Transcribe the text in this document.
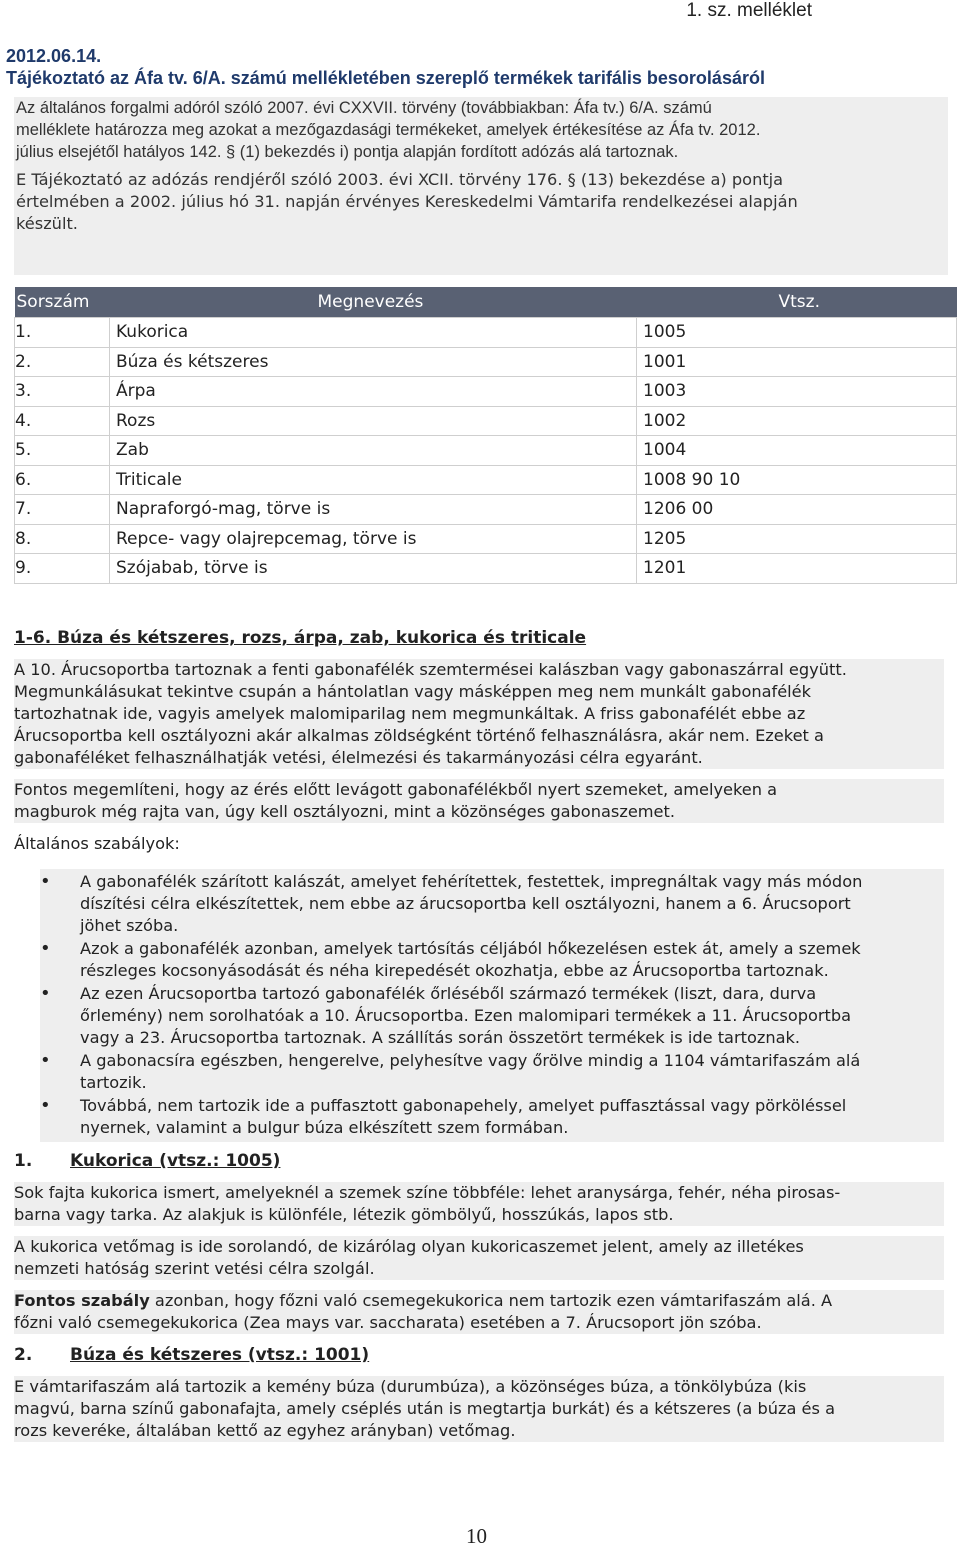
1. sz. melléklet
2012.06.14.
Tájékoztató az Áfa tv. 6/A. számú mellékletében szereplő termékek tarifális besorolásáról

Az általános forgalmi adóról szóló 2007. évi CXXVII. törvény (továbbiakban: Áfa tv.) 6/A. számú
melléklete határozza meg azokat a mezőgazdasági termékeket, amelyek értékesítése az Áfa tv. 2012.
július elsejétől hatályos 142. § (1) bekezdés i) pontja alapján fordított adózás alá tartoznak.

E Tájékoztató az adózás rendjéről szóló 2003. évi XCII. törvény 176. § (13) bekezdése a) pontja
értelmében a 2002. július hó 31. napján érvényes Kereskedelmi Vámtarifa rendelkezései alapján
készült.

Sorszám	Megnevezés	Vtsz.
1.	Kukorica	1005
2.	Búza és kétszeres	1001
3.	Árpa	1003
4.	Rozs	1002
5.	Zab	1004
6.	Triticale	1008 90 10
7.	Napraforgó-mag, törve is	1206 00
8.	Repce- vagy olajrepcemag, törve is	1205
9.	Szójabab, törve is	1201

1-6. Búza és kétszeres, rozs, árpa, zab, kukorica és triticale

A 10. Árucsoportba tartoznak a fenti gabonafélék szemtermései kalászban vagy gabonaszárral együtt.
Megmunkálásukat tekintve csupán a hántolatlan vagy másképpen meg nem munkált gabonafélék
tartozhatnak ide, vagyis amelyek malomiparilag nem megmunkáltak. A friss gabonafélét ebbe az
Árucsoportba kell osztályozni akár alkalmas zöldségként történő felhasználásra, akár nem. Ezeket a
gabonaféléket felhasználhatják vetési, élelmezési és takarmányozási célra egyaránt.
Fontos megemlíteni, hogy az érés előtt levágott gabonafélékből nyert szemeket, amelyeken a
magburok még rajta van, úgy kell osztályozni, mint a közönséges gabonaszemet.

Általános szabályok:

• A gabonafélék szárított kalászát, amelyet fehérítettek, festettek, impregnáltak vagy más módon
díszítési célra elkészítettek, nem ebbe az árucsoportba kell osztályozni, hanem a 6. Árucsoport
jöhet szóba.
• Azok a gabonafélék azonban, amelyek tartósítás céljából hőkezelésen estek át, amely a szemek
részleges kocsonyásodását és néha kirepedését okozhatja, ebbe az Árucsoportba tartoznak.
• Az ezen Árucsoportba tartozó gabonafélék őrléséből származó termékek (liszt, dara, durva
őrlemény) nem sorolhatóak a 10. Árucsoportba. Ezen malomipari termékek a 11. Árucsoportba
vagy a 23. Árucsoportba tartoznak. A szállítás során összetört termékek is ide tartoznak.
• A gabonacsíra egészben, hengerelve, pelyhesítve vagy őrölve mindig a 1104 vámtarifaszám alá
tartozik.
• Továbbá, nem tartozik ide a puffasztott gabonapehely, amelyet puffasztással vagy pörköléssel
nyernek, valamint a bulgur búza elkészített szem formában.

1. Kukorica (vtsz.: 1005)

Sok fajta kukorica ismert, amelyeknél a szemek színe többféle: lehet aranysárga, fehér, néha pirosas-
barna vagy tarka. Az alakjuk is különféle, létezik gömbölyű, hosszúkás, lapos stb.
A kukorica vetőmag is ide sorolandó, de kizárólag olyan kukoricaszemet jelent, amely az illetékes
nemzeti hatóság szerint vetési célra szolgál.
Fontos szabály azonban, hogy főzni való csemegekukorica nem tartozik ezen vámtarifaszám alá. A
főzni való csemegekukorica (Zea mays var. saccharata) esetében a 7. Árucsoport jön szóba.

2. Búza és kétszeres (vtsz.: 1001)

E vámtarifaszám alá tartozik a kemény búza (durumbúza), a közönséges búza, a tönkölybúza (kis
magvú, barna színű gabonafajta, amely cséplés után is megtartja burkát) és a kétszeres (a búza és a
rozs keveréke, általában kettő az egyhez arányban) vetőmag.
10
